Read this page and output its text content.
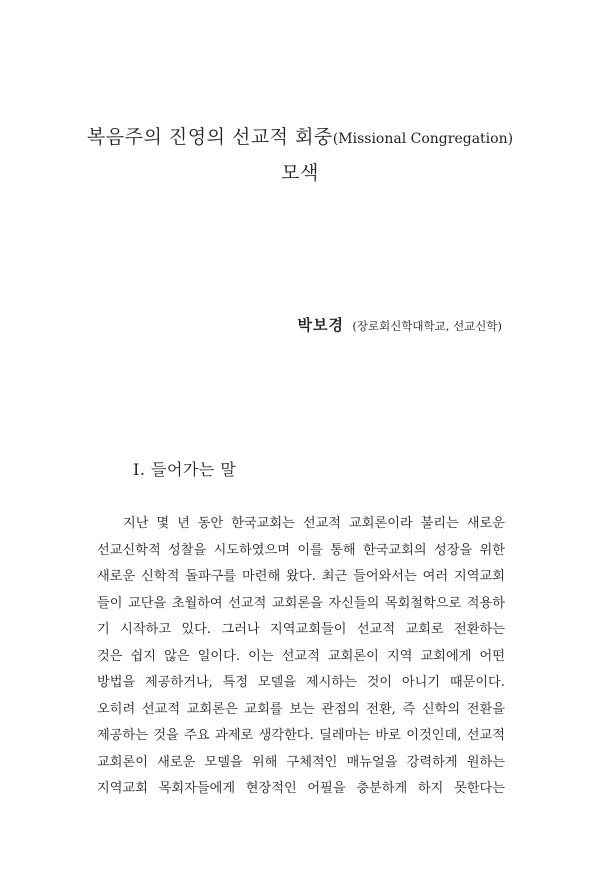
복음주의 진영의 선교적 회중(Missional Congregation)
모색
박보경 (장로회신학대학교, 선교신학)
I. 들어가는 말
지난 몇 년 동안 한국교회는 선교적 교회론이라 불리는 새로운
선교신학적 성찰을 시도하였으며 이를 통해 한국교회의 성장을 위한
새로운 신학적 돌파구를 마련해 왔다. 최근 들어와서는 여러 지역교회
들이 교단을 초월하여 선교적 교회론을 자신들의 목회철학으로 적용하
기 시작하고 있다. 그러나 지역교회들이 선교적 교회로 전환하는
것은 쉽지 않은 일이다. 이는 선교적 교회론이 지역 교회에게 어떤
방법을 제공하거나, 특정 모델을 제시하는 것이 아니기 때문이다.
오히려 선교적 교회론은 교회를 보는 관점의 전환, 즉 신학의 전환을
제공하는 것을 주요 과제로 생각한다. 딜레마는 바로 이것인데, 선교적
교회론이 새로운 모델을 위해 구체적인 매뉴얼을 강력하게 원하는
지역교회 목회자들에게 현장적인 어필을 충분하게 하지 못한다는
